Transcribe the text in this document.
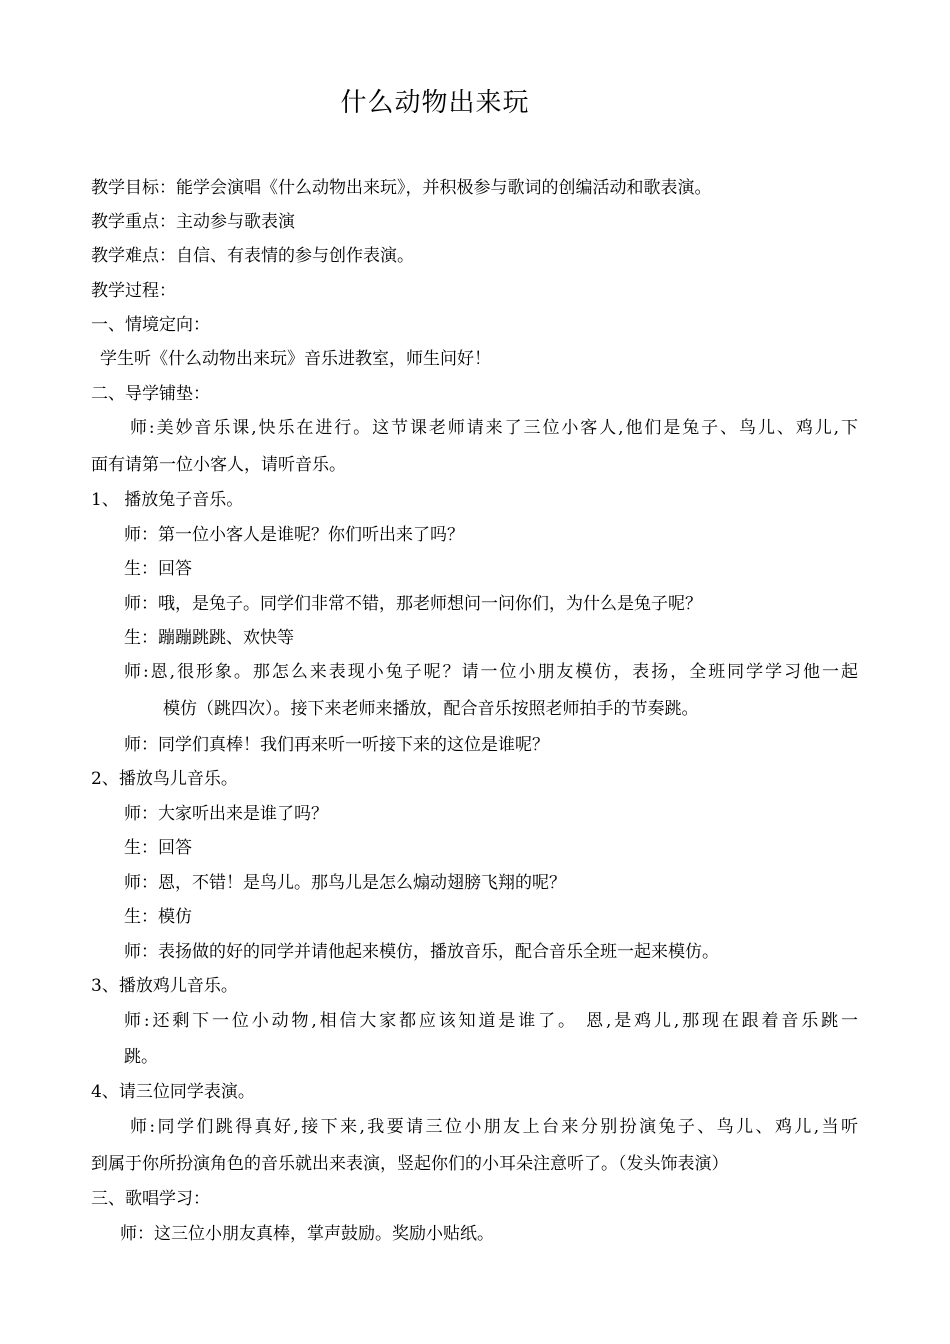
什么动物出来玩
教学目标：能学会演唱《什么动物出来玩》，并积极参与歌词的创编活动和歌表演。
教学重点：主动参与歌表演
教学难点：自信、有表情的参与创作表演。
教学过程：
一、情境定向：
学生听《什么动物出来玩》音乐进教室，师生问好！
二、导学铺垫：
师:美妙音乐课,快乐在进行。这节课老师请来了三位小客人,他们是兔子、鸟儿、鸡儿,下
面有请第一位小客人，请听音乐。
1、 播放兔子音乐。
师：第一位小客人是谁呢？你们听出来了吗？
生：回答
师：哦，是兔子。同学们非常不错，那老师想问一问你们，为什么是兔子呢？
生：蹦蹦跳跳、欢快等
师:恩,很形象。那怎么来表现小兔子呢？请一位小朋友模仿，表扬，全班同学学习他一起
模仿（跳四次）。接下来老师来播放，配合音乐按照老师拍手的节奏跳。
师：同学们真棒！我们再来听一听接下来的这位是谁呢？
2、播放鸟儿音乐。
师：大家听出来是谁了吗？
生：回答
师：恩，不错！是鸟儿。那鸟儿是怎么煽动翅膀飞翔的呢？
生：模仿
师：表扬做的好的同学并请他起来模仿，播放音乐，配合音乐全班一起来模仿。
3、播放鸡儿音乐。
师:还剩下一位小动物,相信大家都应该知道是谁了。 恩,是鸡儿,那现在跟着音乐跳一
跳。
4、请三位同学表演。
师:同学们跳得真好,接下来,我要请三位小朋友上台来分别扮演兔子、鸟儿、鸡儿,当听
到属于你所扮演角色的音乐就出来表演，竖起你们的小耳朵注意听了。（发头饰表演）
三、歌唱学习：
师：这三位小朋友真棒，掌声鼓励。奖励小贴纸。
